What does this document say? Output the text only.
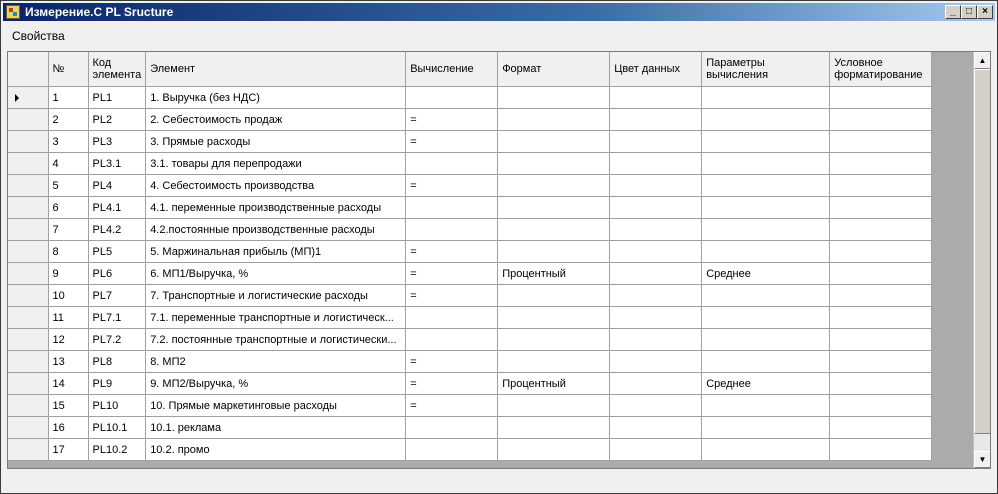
Измерение.C PL Sructure	_	□	×
Свойства
	№	Код элемента	Элемент	Вычисление	Формат	Цвет данных	Параметры вычисления	Условное форматирование
	1	PL1	1. Выручка (без НДС)					
	2	PL2	2. Себестоимость продаж	=				
	3	PL3	3. Прямые расходы	=				
	4	PL3.1	3.1. товары для перепродажи					
	5	PL4	4. Себестоимость производства	=				
	6	PL4.1	4.1. переменные производственные расходы					
	7	PL4.2	4.2.постоянные производственные расходы					
	8	PL5	5. Маржинальная прибыль (МП)1	=				
	9	PL6	6. МП1/Выручка, %	=	Процентный		Среднее	
	10	PL7	7. Транспортные и логистические расходы	=				
	11	PL7.1	7.1. переменные транспортные и логистическ...					
	12	PL7.2	7.2. постоянные транспортные и логистически...					
	13	PL8	8. МП2	=				
	14	PL9	9. МП2/Выручка, %	=	Процентный		Среднее	
	15	PL10	10. Прямые маркетинговые расходы	=				
	16	PL10.1	10.1. реклама					
	17	PL10.2	10.2. промо					
▲
▼
